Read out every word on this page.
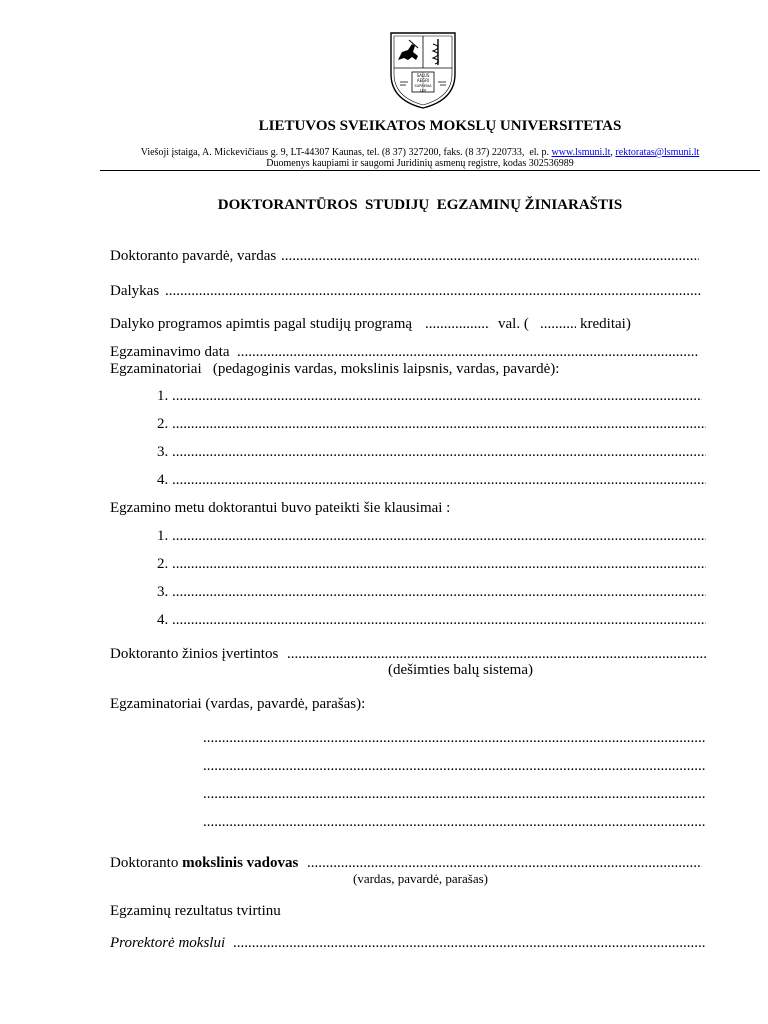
SALUS
AEGRI
SUPREMA
LEX
LIETUVOS SVEIKATOS MOKSLŲ UNIVERSITETAS
Viešoji įstaiga, A. Mickevičiaus g. 9, LT-44307 Kaunas, tel. (8 37) 327200, faks. (8 37) 220733,  el. p. www.lsmuni.lt, rektoratas@lsmuni.lt
Duomenys kaupiami ir saugomi Juridinių asmenų registre, kodas 302536989
DOKTORANTŪROS  STUDIJŲ  EGZAMINŲ ŽINIARAŠTIS
Doktoranto pavardė, vardas
.....
Dalykas
.....
Dalyko programos apimtis pagal studijų programą .....	val. ( .....	kreditai)
Egzaminavimo data
.....
Egzaminatoriai   (pedagoginis vardas, mokslinis laipsnis, vardas, pavardė):
1.
.....
2.
.....
3.
.....
4.
.....
Egzamino metu doktorantui buvo pateikti šie klausimai :
1.
.....
2.
.....
3.
.....
4.
.....
Doktoranto žinios įvertintos
.....
(dešimties balų sistema)
Egzaminatoriai (vardas, pavardė, parašas):
.....
.....
.....
.....
Doktoranto mokslinis vadovas
.....
(vardas, pavardė, parašas)
Egzaminų rezultatus tvirtinu
Prorektorė mokslui
.....
